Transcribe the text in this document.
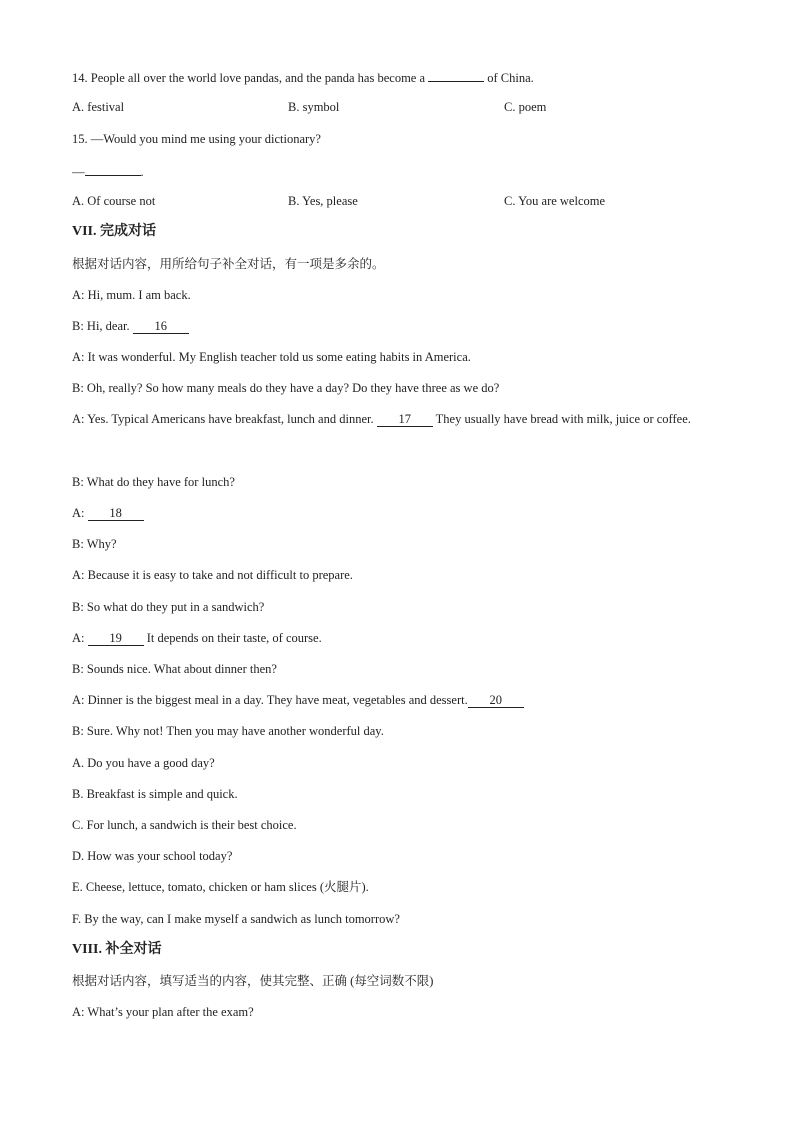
14. People all over the world love pandas, and the panda has become a	of China.
A. festival	B. symbol	C. poem
15. —Would you mind me using your dictionary?
—	.
A. Of course not	B. Yes, please	C. You are welcome
VII. 完成对话
根据对话内容，用所给句子补全对话，有一项是多余的。
A: Hi, mum. I am back.
B: Hi, dear. 16
A: It was wonderful. My English teacher told us some eating habits in America.
B: Oh, really? So how many meals do they have a day? Do they have three as we do?
A: Yes. Typical Americans have breakfast, lunch and dinner. 17 They usually have bread with milk, juice or coffee.
B: What do they have for lunch?
A: 18
B: Why?
A: Because it is easy to take and not difficult to prepare.
B: So what do they put in a sandwich?
A: 19 It depends on their taste, of course.
B: Sounds nice. What about dinner then?
A: Dinner is the biggest meal in a day. They have meat, vegetables and dessert. 20
B: Sure. Why not! Then you may have another wonderful day.
A. Do you have a good day?
B. Breakfast is simple and quick.
C. For lunch, a sandwich is their best choice.
D. How was your school today?
E. Cheese, lettuce, tomato, chicken or ham slices (火腿片).
F. By the way, can I make myself a sandwich as lunch tomorrow?
VIII. 补全对话
根据对话内容，填写适当的内容，使其完整、正确 (每空词数不限)
A: What’s your plan after the exam?
